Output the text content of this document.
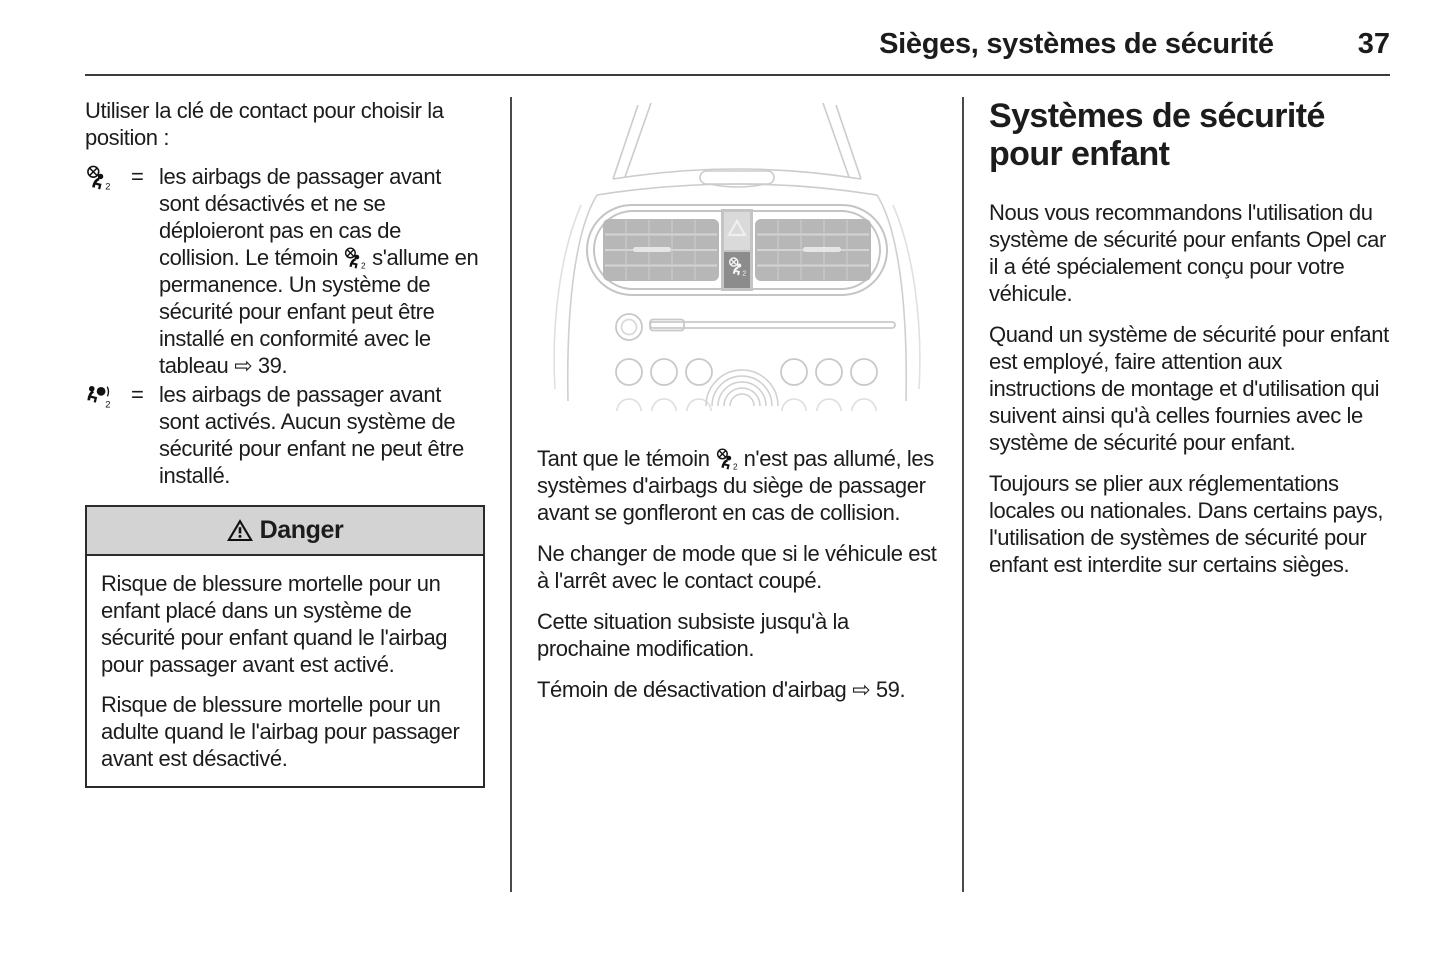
Sièges, systèmes de sécurité	37

Utiliser la clé de contact pour choisir la position :

2 = les airbags de passager avant sont désactivés et ne se déploieront pas en cas de collision. Le témoin	2 s'allume en permanence. Un système de sécurité pour enfant peut être installé en conformité avec le tableau ⇨ 39.
2 = les airbags de passager avant sont activés. Aucun système de sécurité pour enfant ne peut être installé.
Danger

Risque de blessure mortelle pour un enfant placé dans un système de sécurité pour enfant quand le l'airbag pour passager avant est activé.

Risque de blessure mortelle pour un adulte quand le l'airbag pour passager avant est désactivé.

2

Tant que le témoin	2 n'est pas allumé, les systèmes d'airbags du siège de passager avant se gonfleront en cas de collision.

Ne changer de mode que si le véhicule est à l'arrêt avec le contact coupé.

Cette situation subsiste jusqu'à la prochaine modification.

Témoin de désactivation d'airbag ⇨ 59.

Systèmes de sécurité pour enfant

Nous vous recommandons l'utilisation du système de sécurité pour enfants Opel car il a été spécialement conçu pour votre véhicule.

Quand un système de sécurité pour enfant est employé, faire attention aux instructions de montage et d'utilisation qui suivent ainsi qu'à celles fournies avec le système de sécurité pour enfant.

Toujours se plier aux réglementations locales ou nationales. Dans certains pays, l'utilisation de systèmes de sécurité pour enfant est interdite sur certains sièges.
